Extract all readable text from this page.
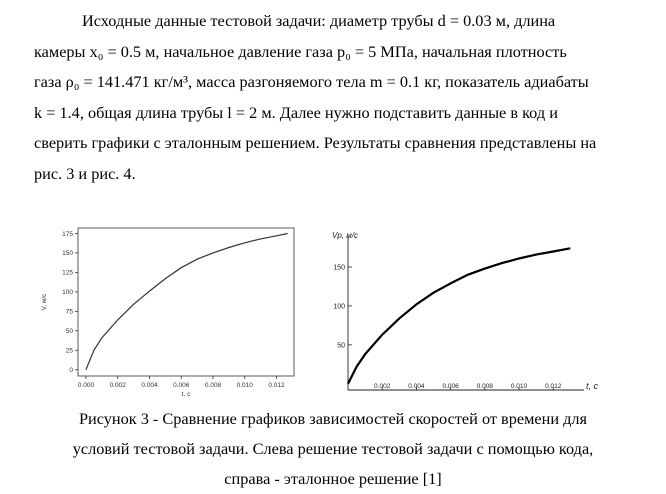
Исходные данные тестовой задачи: диаметр трубы d = 0.03 м, длина
камеры x₀ = 0.5 м, начальное давление газа p₀ = 5 МПа, начальная плотность
газа ρ₀ = 141.471 кг/м³, масса разгоняемого тела m = 0.1 кг, показатель адиабаты
k = 1.4, общая длина трубы l = 2 м. Далее нужно подставить данные в код и
сверить графики с эталонным решением. Результаты сравнения представлены на
рис. 3 и рис. 4.
0.000 0.002 0.004 0.006 0.008 0.010 0.012
0
25
50
75
100
125
150
175
t, с
V, м/с
50
100
150
0.002	0.004	0.006	0.008	0.010	0.012
Vp, м/с
t, с
Рисунок 3 - Сравнение графиков зависимостей скоростей от времени для
условий тестовой задачи. Слева решение тестовой задачи с помощью кода,
справа - эталонное решение [1]
